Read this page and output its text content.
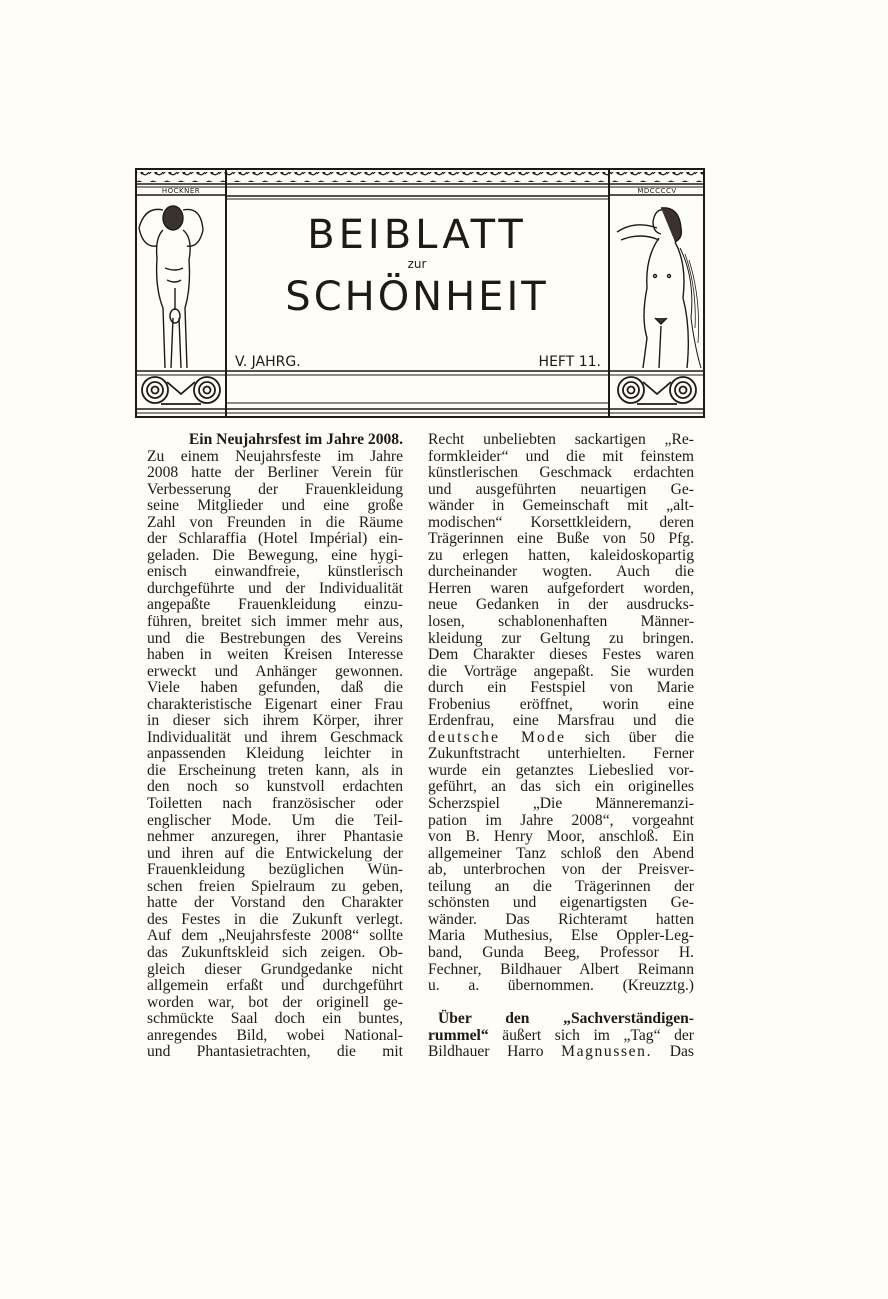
BEIBLATT
zur
SCHÖNHEIT
HÖCKNER	MDCCCCV
V. JAHRG.	HEFT 11.
Ein Neujahrsfest im Jahre 2008.
Zu einem Neujahrsfeste im Jahre
2008 hatte der Berliner Verein für
Verbesserung der Frauenkleidung
seine Mitglieder und eine große
Zahl von Freunden in die Räume
der Schlaraffia (Hotel Impérial) ein-
geladen. Die Bewegung, eine hygi-
enisch einwandfreie, künstlerisch
durchgeführte und der Individualität
angepaßte Frauenkleidung einzu-
führen, breitet sich immer mehr aus,
und die Bestrebungen des Vereins
haben in weiten Kreisen Interesse
erweckt und Anhänger gewonnen.
Viele haben gefunden, daß die
charakteristische Eigenart einer Frau
in dieser sich ihrem Körper, ihrer
Individualität und ihrem Geschmack
anpassenden Kleidung leichter in
die Erscheinung treten kann, als in
den noch so kunstvoll erdachten
Toiletten nach französischer oder
englischer Mode. Um die Teil-
nehmer anzuregen, ihrer Phantasie
und ihren auf die Entwickelung der
Frauenkleidung bezüglichen Wün-
schen freien Spielraum zu geben,
hatte der Vorstand den Charakter
des Festes in die Zukunft verlegt.
Auf dem „Neujahrsfeste 2008“ sollte
das Zukunftskleid sich zeigen. Ob-
gleich dieser Grundgedanke nicht
allgemein erfaßt und durchgeführt
worden war, bot der originell ge-
schmückte Saal doch ein buntes,
anregendes Bild, wobei National-
und Phantasietrachten, die mit
Recht unbeliebten sackartigen „Re-
formkleider“ und die mit feinstem
künstlerischen Geschmack erdachten
und ausgeführten neuartigen Ge-
wänder in Gemeinschaft mit „alt-
modischen“ Korsettkleidern, deren
Trägerinnen eine Buße von 50 Pfg.
zu erlegen hatten, kaleidoskopartig
durcheinander wogten. Auch die
Herren waren aufgefordert worden,
neue Gedanken in der ausdrucks-
losen, schablonenhaften Männer-
kleidung zur Geltung zu bringen.
Dem Charakter dieses Festes waren
die Vorträge angepaßt. Sie wurden
durch ein Festspiel von Marie
Frobenius eröffnet, worin eine
Erdenfrau, eine Marsfrau und die
deutsche Mode sich über die
Zukunftstracht unterhielten. Ferner
wurde ein getanztes Liebeslied vor-
geführt, an das sich ein originelles
Scherzspiel „Die Männeremanzi-
pation im Jahre 2008“, vorgeahnt
von B. Henry Moor, anschloß. Ein
allgemeiner Tanz schloß den Abend
ab, unterbrochen von der Preisver-
teilung an die Trägerinnen der
schönsten und eigenartigsten Ge-
wänder. Das Richteramt hatten
Maria Muthesius, Else Oppler-Leg-
band, Gunda Beeg, Professor H.
Fechner, Bildhauer Albert Reimann
u. a. übernommen. (Kreuzztg.)
Über den „Sachverständigen-
rummel“ äußert sich im „Tag“ der
Bildhauer Harro Magnussen. Das
